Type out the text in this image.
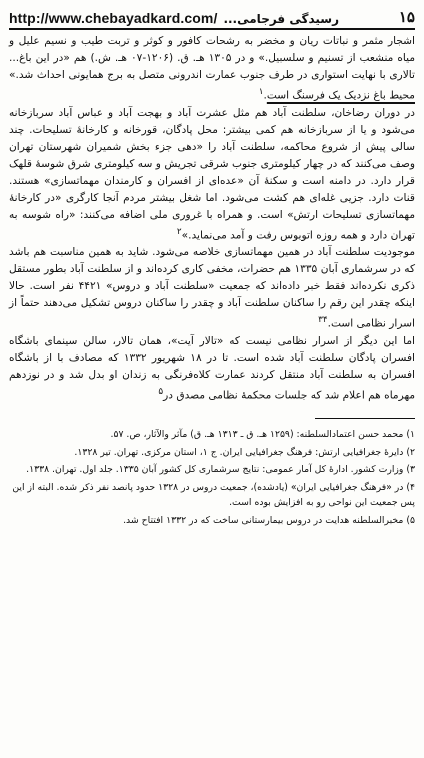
http://www.chebayadkard.com/ رسیدگی فرجامی...	۱۵

اشجار مثمر و نباتات ریان و مخضر به رشحات کافور و کوثر و تربت طیب و نسیم علیل و میاه منشعب از تسنیم و سلسبیل.» و در ۱۳۰۵ هـ. ق. (۱۲۰۶-۰۷ هـ. ش.) هم «در این باغ... تالاری با نهایت استواری در طرف جنوب عمارت اندرونی متصل به برج همایونی احداث شد.» محیط باغ نزدیک یک فرسنگ است.$^۱$

در دوران رضاخان، سلطنت آباد هم مثل عشرت آباد و بهجت آباد و عباس آباد سربازخانه می‌شود و یا از سربازخانه هم کمی بیشتر: محل پادگان، قورخانه و کارخانهٔ تسلیحات. چند سالی پیش از شروع محاکمه، سلطنت آباد را «دهی جزء بخش شمیران شهرستان تهران وصف می‌کنند که در چهار کیلومتری جنوب شرقی تجریش و سه کیلومتری شرق شوسهٔ قلهک قرار دارد. در دامنه است و سکنهٔ آن «عده‌ای از افسران و کارمندان مهماتسازی» هستند. قنات دارد. جزیی غله‌ای هم کشت می‌شود. اما شغل بیشتر مردم آنجا کارگری «در کارخانهٔ مهماتسازی تسلیحات ارتش» است. و همراه با غروری ملی اضافه می‌کنند: «راه شوسه به تهران دارد و همه روزه اتوبوس رفت و آمد می‌نماید.»$^۲$

موجودیت سلطنت آباد در همین مهماتسازی خلاصه می‌شود. شاید به همین مناسبت هم باشد که در سرشماری آبان ۱۳۳۵ هم حضرات، مخفی کاری کرده‌اند و از سلطنت آباد بطور مستقل ذکری نکرده‌اند فقط خبر داده‌اند که جمعیت «سلطنت آباد و دروس» ۴۴۲۱ نفر است. حالا اینکه چقدر این رقم را ساکنان سلطنت آباد و چقدر را ساکنان دروس تشکیل می‌دهند حتماً از اسرار نظامی است.$^{۳۴}$

اما این دیگر از اسرار نظامی نیست که «تالار آیت»، همان تالار، سالن سینمای باشگاه افسران پادگان سلطنت آباد شده است. تا در ۱۸ شهریور ۱۳۳۲ که مصادف با از باشگاه افسران به سلطنت آباد منتقل کردند عمارت کلاه‌فرنگی به زندان او بدل شد و در نوزدهم مهرماه هم اعلام شد که جلسات محکمهٔ نظامی مصدق در$^۵$

۱) محمد حسن اعتمادالسلطنه: (۱۲۵۹ هـ. ق ـ ۱۳۱۳ هـ. ق) مآثر والآثار، ص. ۵۷.

۲) دایرهٔ جغرافیایی ارتش: فرهنگ جغرافیایی ایران. ج ۱، استان مرکزی. تهران. تیر ۱۳۲۸.

۳) وزارت کشور. ادارهٔ کل آمار عمومی: نتایج سرشماری کل کشور آبان ۱۳۳۵. جلد اول. تهران. ۱۳۳۸.

۴) در «فرهنگ جغرافیایی ایران» (یادشده)، جمعیت دروس در ۱۳۲۸ حدود پانصد نفر ذکر شده. البته از این پس جمعیت این نواحی رو به افزایش بوده است.

۵) مخبرالسلطنه هدایت در دروس بیمارستانی ساخت که در ۱۳۳۲ افتتاح شد.
